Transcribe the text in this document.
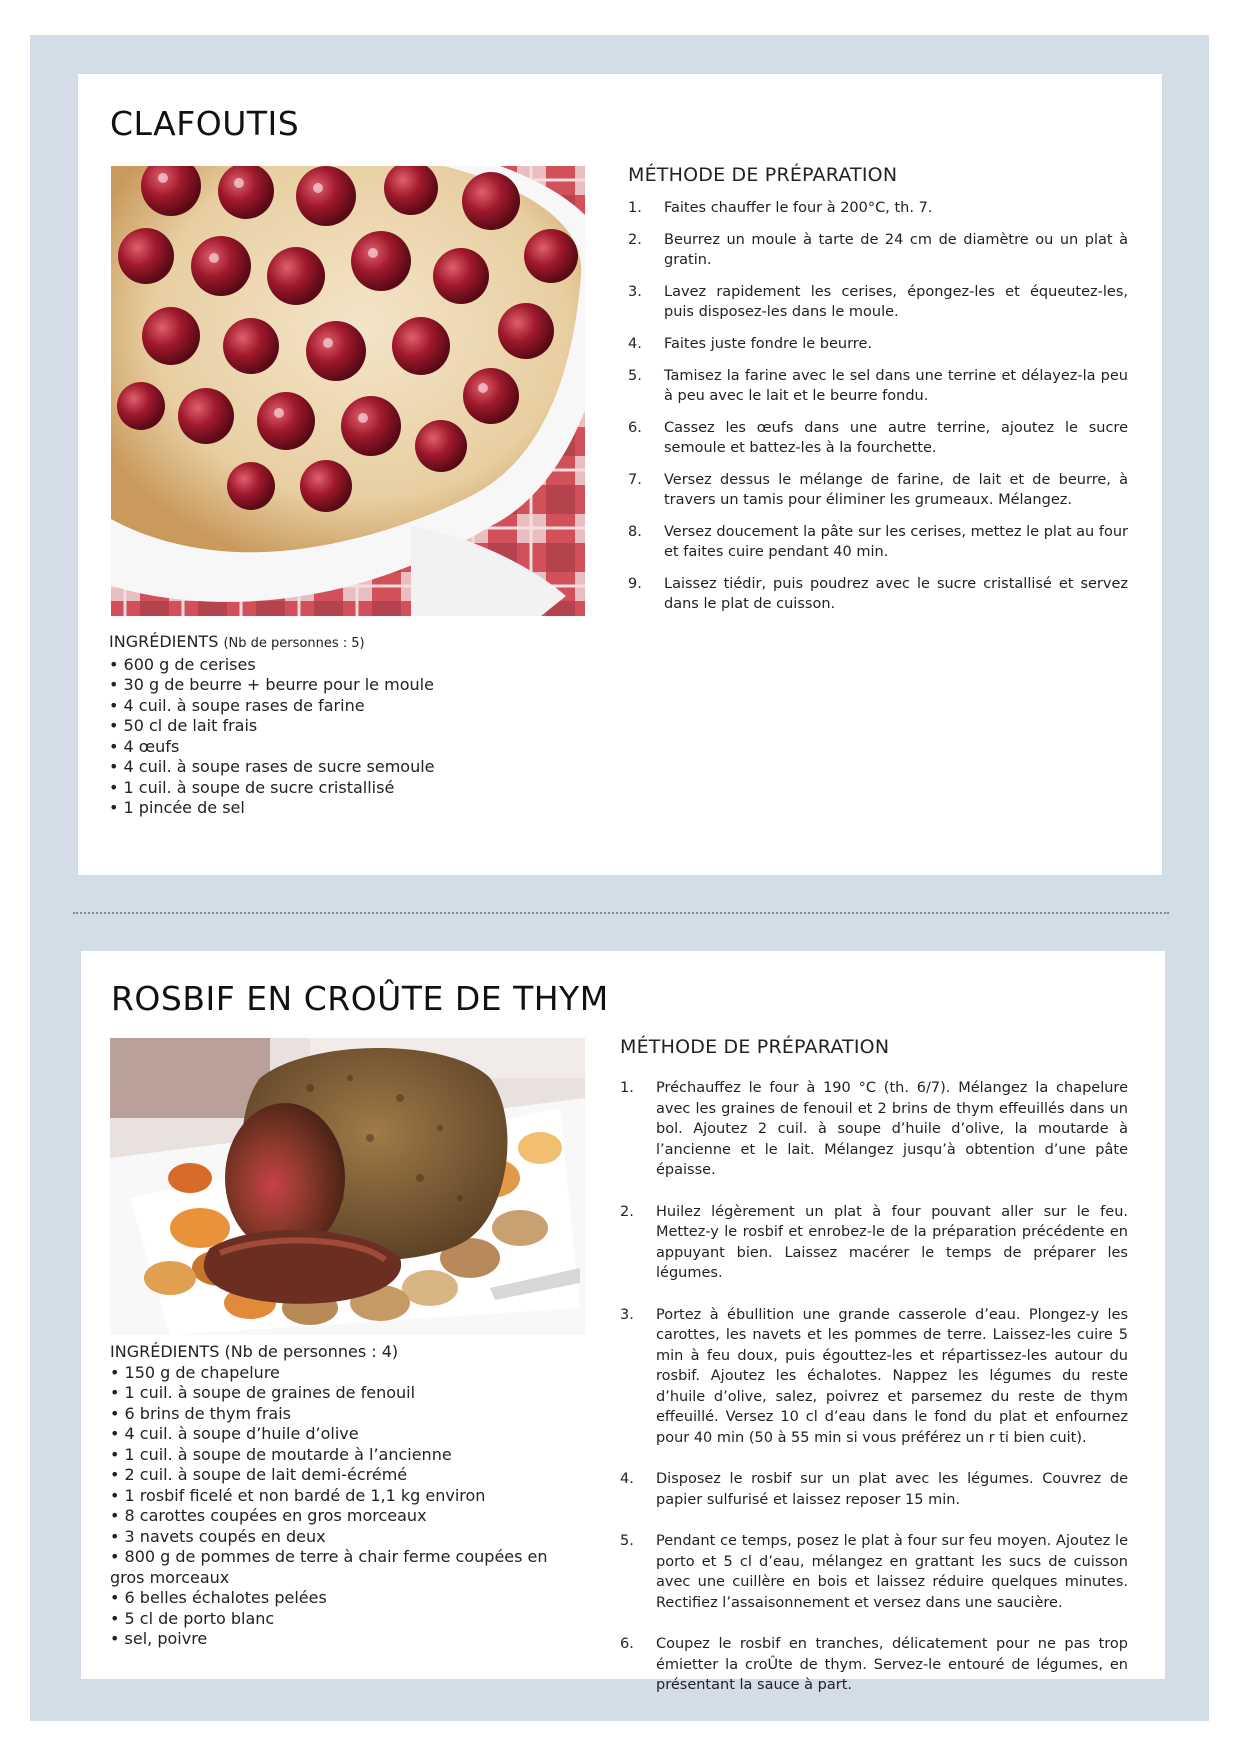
CLAFOUTIS
INGRÉDIENTS (Nb de personnes : 5)
• 600 g de cerises
• 30 g de beurre + beurre pour le moule
• 4 cuil. à soupe rases de farine
• 50 cl de lait frais
• 4 œufs
• 4 cuil. à soupe rases de sucre semoule
• 1 cuil. à soupe de sucre cristallisé
• 1 pincée de sel
MÉTHODE DE PRÉPARATION
1. Faites chauffer le four à 200°C, th. 7.
2. Beurrez un moule à tarte de 24 cm de diamètre ou un plat à gratin.
3. Lavez rapidement les cerises, épongez-les et équeutez-les, puis disposez-les dans le moule.
4. Faites juste fondre le beurre.
5. Tamisez la farine avec le sel dans une terrine et délayez-la peu à peu avec le lait et le beurre fondu.
6. Cassez les œufs dans une autre terrine, ajoutez le sucre semoule et battez-les à la fourchette.
7. Versez dessus le mélange de farine, de lait et de beurre, à travers un tamis pour éliminer les grumeaux. Mélangez.
8. Versez doucement la pâte sur les cerises, mettez le plat au four et faites cuire pendant 40 min.
9. Laissez tiédir, puis poudrez avec le sucre cristallisé et servez dans le plat de cuisson.
ROSBIF EN CROÛTE DE THYM
INGRÉDIENTS (Nb de personnes : 4)
• 150 g de chapelure
• 1 cuil. à soupe de graines de fenouil
• 6 brins de thym frais
• 4 cuil. à soupe d’huile d’olive
• 1 cuil. à soupe de moutarde à l’ancienne
• 2 cuil. à soupe de lait demi-écrémé
• 1 rosbif ficelé et non bardé de 1,1 kg environ
• 8 carottes coupées en gros morceaux
• 3 navets coupés en deux
• 800 g de pommes de terre à chair ferme coupées en gros morceaux
• 6 belles échalotes pelées
• 5 cl de porto blanc
• sel, poivre
MÉTHODE DE PRÉPARATION
1. Préchauffez le four à 190 °C (th. 6/7). Mélangez la chapelure avec les graines de fenouil et 2 brins de thym effeuillés dans un bol. Ajoutez 2 cuil. à soupe d’huile d’olive, la moutarde à l’ancienne et le lait. Mélangez jusqu’à obtention d’une pâte épaisse.
2. Huilez légèrement un plat à four pouvant aller sur le feu. Mettez-y le rosbif et enrobez-le de la préparation précédente en appuyant bien. Laissez macérer le temps de préparer les légumes.
3. Portez à ébullition une grande casserole d’eau. Plongez-y les carottes, les navets et les pommes de terre. Laissez-les cuire 5 min à feu doux, puis égouttez-les et répartissez-les autour du rosbif. Ajoutez les échalotes. Nappez les légumes du reste d’huile d’olive, salez, poivrez et parsemez du reste de thym effeuillé. Versez 10 cl d’eau dans le fond du plat et enfournez pour 40 min (50 à 55 min si vous préférez un r ti bien cuit).
4. Disposez le rosbif sur un plat avec les légumes. Couvrez de papier sulfurisé et laissez reposer 15 min.
5. Pendant ce temps, posez le plat à four sur feu moyen. Ajoutez le porto et 5 cl d’eau, mélangez en grattant les sucs de cuisson avec une cuillère en bois et laissez réduire quelques minutes. Rectifiez l’assaisonnement et versez dans une saucière.
6. Coupez le rosbif en tranches, délicatement pour ne pas trop émietter la croÛte de thym. Servez-le entouré de légumes, en présentant la sauce à part.
